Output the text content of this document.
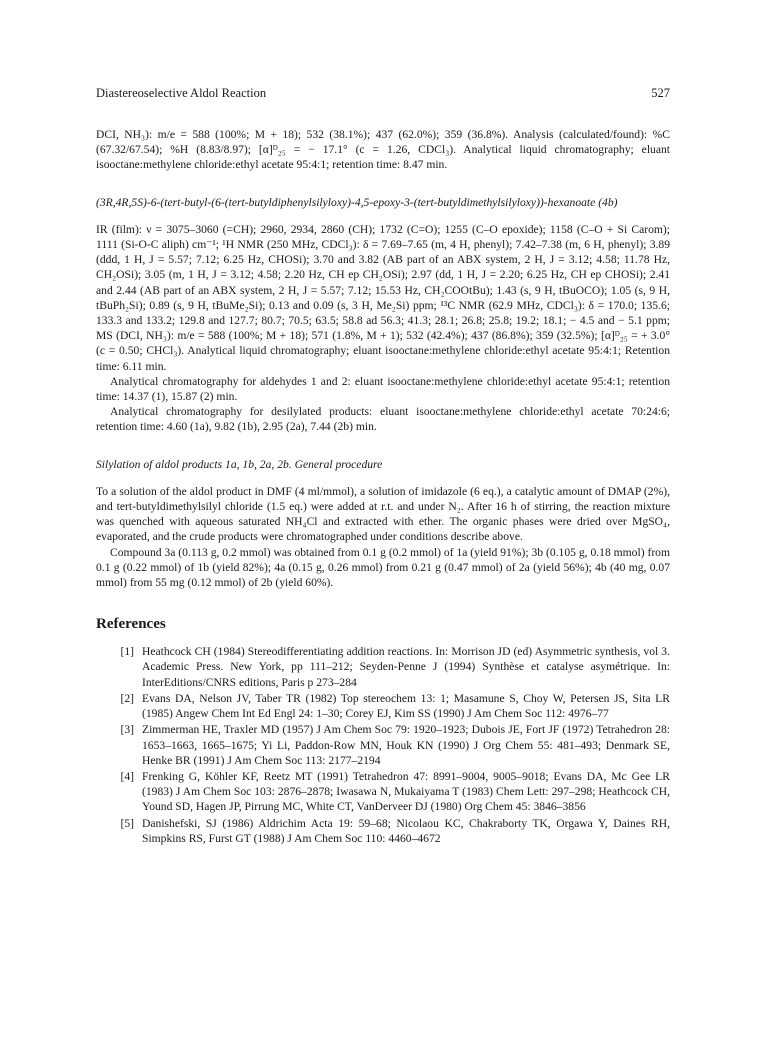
Diastereoselective Aldol Reaction	527

DCI, NH₃): m/e = 588 (100%; M + 18); 532 (38.1%); 437 (62.0%); 359 (36.8%). Analysis (calculated/found): %C (67.32/67.54); %H (8.83/8.97); [α]ᴰ₂₅ = − 17.1° (c = 1.26, CDCl₃). Analytical liquid chromatography; eluant isooctane:methylene chloride:ethyl acetate 95:4:1; retention time: 8.47 min.

(3R,4R,5S)-6-(tert-butyl-(6-(tert-butyldiphenylsilyloxy)-4,5-epoxy-3-(tert-butyldimethylsilyloxy))-hexanoate (4b)

IR (film): ν = 3075–3060 (=CH); 2960, 2934, 2860 (CH); 1732 (C=O); 1255 (C–O epoxide); 1158 (C–O + Si Carom); 1111 (Si-O-C aliph) cm⁻¹; ¹H NMR (250 MHz, CDCl₃): δ = 7.69–7.65 (m, 4 H, phenyl); 7.42–7.38 (m, 6 H, phenyl); 3.89 (ddd, 1 H, J = 5.57; 7.12; 6.25 Hz, CHOSi); 3.70 and 3.82 (AB part of an ABX system, 2 H, J = 3.12; 4.58; 11.78 Hz, CH₂OSi); 3.05 (m, 1 H, J = 3.12; 4.58; 2.20 Hz, CH ep CH₂OSi); 2.97 (dd, 1 H, J = 2.20; 6.25 Hz, CH ep CHOSi); 2.41 and 2.44 (AB part of an ABX system, 2 H, J = 5.57; 7.12; 15.53 Hz, CH₂COOtBu); 1.43 (s, 9 H, tBuOCO); 1.05 (s, 9 H, tBuPh₂Si); 0.89 (s, 9 H, tBuMe₂Si); 0.13 and 0.09 (s, 3 H, Me₂Si) ppm; ¹³C NMR (62.9 MHz, CDCl₃): δ = 170.0; 135.6; 133.3 and 133.2; 129.8 and 127.7; 80.7; 70.5; 63.5; 58.8 ad 56.3; 41.3; 28.1; 26.8; 25.8; 19.2; 18.1; − 4.5 and − 5.1 ppm; MS (DCI, NH₃): m/e = 588 (100%; M + 18); 571 (1.8%, M + 1); 532 (42.4%); 437 (86.8%); 359 (32.5%); [α]ᴰ₂₅ = + 3.0° (c = 0.50; CHCl₃). Analytical liquid chromatography; eluant isooctane:methylene chloride:ethyl acetate 95:4:1; Retention time: 6.11 min.

Analytical chromatography for aldehydes 1 and 2: eluant isooctane:methylene chloride:ethyl acetate 95:4:1; retention time: 14.37 (1), 15.87 (2) min.

Analytical chromatography for desilylated products: eluant isooctane:methylene chloride:ethyl acetate 70:24:6; retention time: 4.60 (1a), 9.82 (1b), 2.95 (2a), 7.44 (2b) min.

Silylation of aldol products 1a, 1b, 2a, 2b. General procedure

To a solution of the aldol product in DMF (4 ml/mmol), a solution of imidazole (6 eq.), a catalytic amount of DMAP (2%), and tert-butyldimethylsilyl chloride (1.5 eq.) were added at r.t. and under N₂. After 16 h of stirring, the reaction mixture was quenched with aqueous saturated NH₄Cl and extracted with ether. The organic phases were dried over MgSO₄, evaporated, and the crude products were chromatographed under conditions describe above.

Compound 3a (0.113 g, 0.2 mmol) was obtained from 0.1 g (0.2 mmol) of 1a (yield 91%); 3b (0.105 g, 0.18 mmol) from 0.1 g (0.22 mmol) of 1b (yield 82%); 4a (0.15 g, 0.26 mmol) from 0.21 g (0.47 mmol) of 2a (yield 56%); 4b (40 mg, 0.07 mmol) from 55 mg (0.12 mmol) of 2b (yield 60%).

References
[1] Heathcock CH (1984) Stereodifferentiating addition reactions. In: Morrison JD (ed) Asymmetric synthesis, vol 3. Academic Press. New York, pp 111–212; Seyden-Penne J (1994) Synthèse et catalyse asymétrique. In: InterEditions/CNRS editions, Paris p 273–284
[2] Evans DA, Nelson JV, Taber TR (1982) Top stereochem 13: 1; Masamune S, Choy W, Petersen JS, Sita LR (1985) Angew Chem Int Ed Engl 24: 1–30; Corey EJ, Kim SS (1990) J Am Chem Soc 112: 4976–77
[3] Zimmerman HE, Traxler MD (1957) J Am Chem Soc 79: 1920–1923; Dubois JE, Fort JF (1972) Tetrahedron 28: 1653–1663, 1665–1675; Yi Li, Paddon-Row MN, Houk KN (1990) J Org Chem 55: 481–493; Denmark SE, Henke BR (1991) J Am Chem Soc 113: 2177–2194
[4] Frenking G, Köhler KF, Reetz MT (1991) Tetrahedron 47: 8991–9004, 9005–9018; Evans DA, Mc Gee LR (1983) J Am Chem Soc 103: 2876–2878; Iwasawa N, Mukaiyama T (1983) Chem Lett: 297–298; Heathcock CH, Yound SD, Hagen JP, Pirrung MC, White CT, VanDerveer DJ (1980) Org Chem 45: 3846–3856
[5] Danishefski, SJ (1986) Aldrichim Acta 19: 59–68; Nicolaou KC, Chakraborty TK, Orgawa Y, Daines RH, Simpkins RS, Furst GT (1988) J Am Chem Soc 110: 4460–4672
